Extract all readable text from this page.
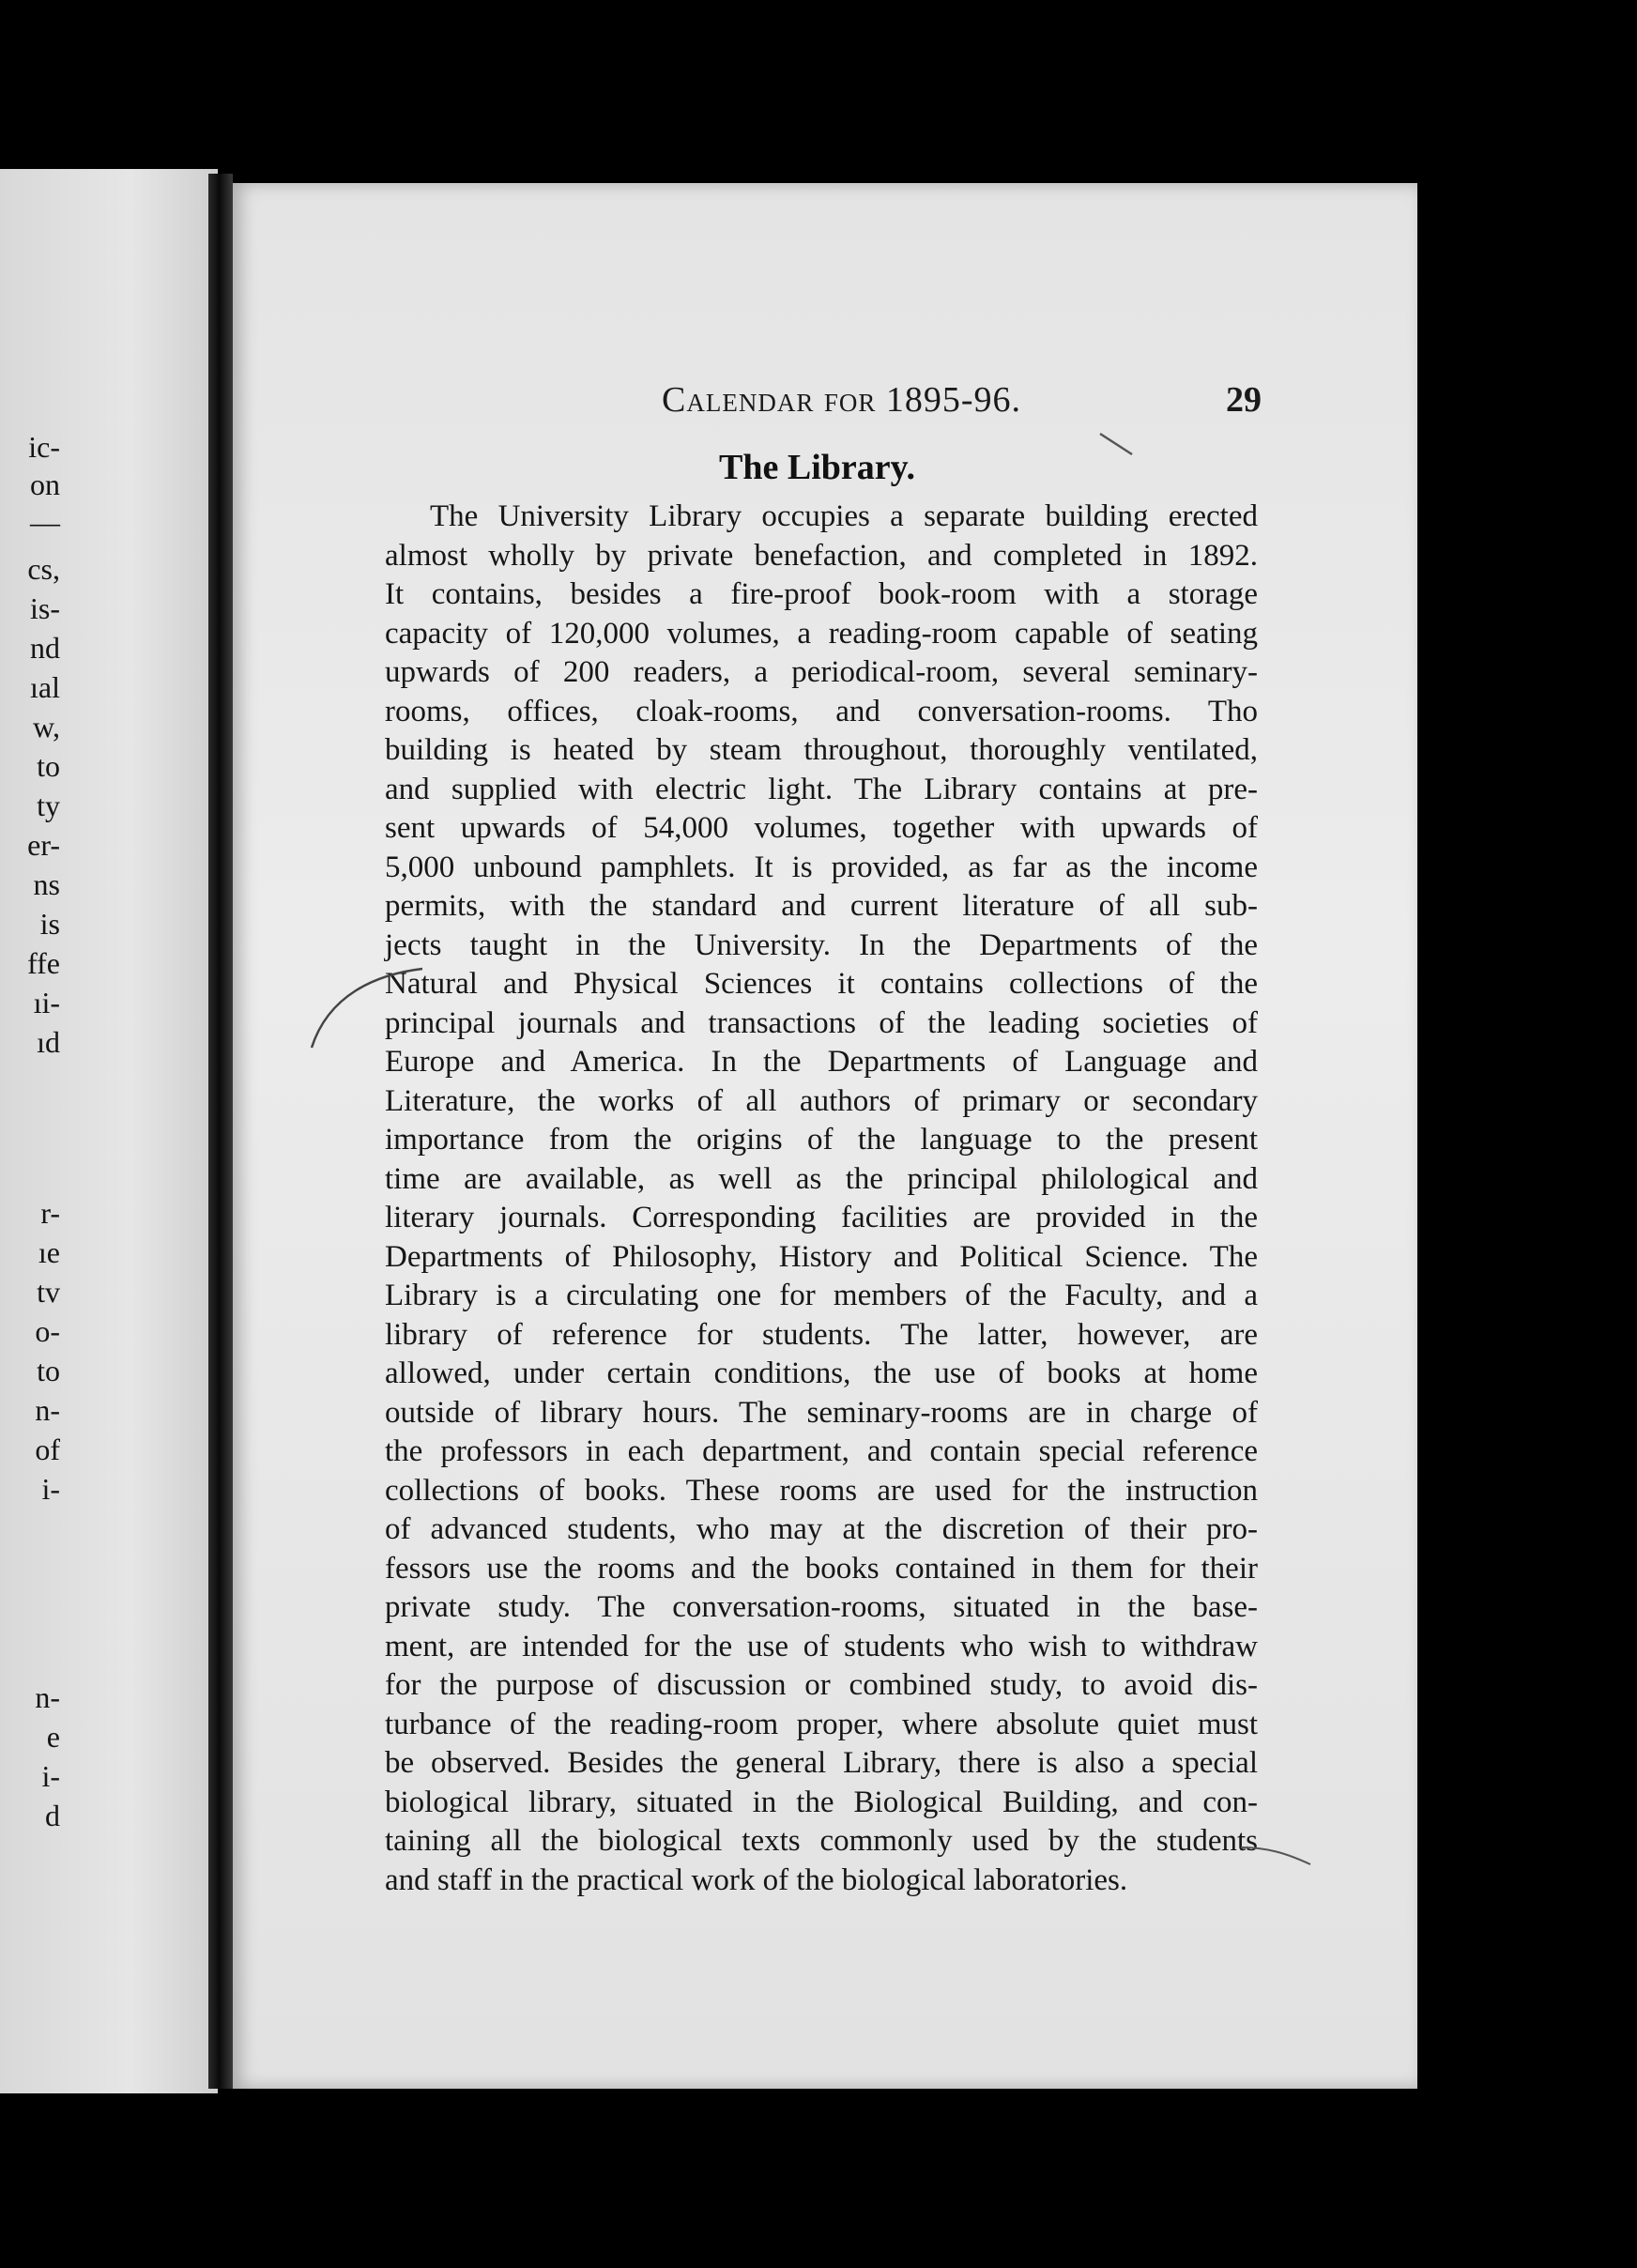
ic-
on
—
cs,
is-
nd
ıal
w,
to
ty
er-
ns
is
ffe
ıi-
ıd
r-
ıe
tv
o-
to
n-
of
i-
n-
e
i-
d
Calendar for 1895-96.	29
The Library.
The University Library occupies a separate building erected
almost wholly by private benefaction, and completed in 1892.
It contains, besides a fire-proof book-room with a storage
capacity of 120,000 volumes, a reading-room capable of seating
upwards of 200 readers, a periodical-room, several seminary-
rooms, offices, cloak-rooms, and conversation-rooms. Tho
building is heated by steam throughout, thoroughly ventilated,
and supplied with electric light. The Library contains at pre-
sent upwards of 54,000 volumes, together with upwards of
5,000 unbound pamphlets. It is provided, as far as the income
permits, with the standard and current literature of all sub-
jects taught in the University. In the Departments of the
Natural and Physical Sciences it contains collections of the
principal journals and transactions of the leading societies of
Europe and America. In the Departments of Language and
Literature, the works of all authors of primary or secondary
importance from the origins of the language to the present
time are available, as well as the principal philological and
literary journals. Corresponding facilities are provided in the
Departments of Philosophy, History and Political Science. The
Library is a circulating one for members of the Faculty, and a
library of reference for students. The latter, however, are
allowed, under certain conditions, the use of books at home
outside of library hours. The seminary-rooms are in charge of
the professors in each department, and contain special reference
collections of books. These rooms are used for the instruction
of advanced students, who may at the discretion of their pro-
fessors use the rooms and the books contained in them for their
private study. The conversation-rooms, situated in the base-
ment, are intended for the use of students who wish to withdraw
for the purpose of discussion or combined study, to avoid dis-
turbance of the reading-room proper, where absolute quiet must
be observed. Besides the general Library, there is also a special
biological library, situated in the Biological Building, and con-
taining all the biological texts commonly used by the students
and staff in the practical work of the biological laboratories.
